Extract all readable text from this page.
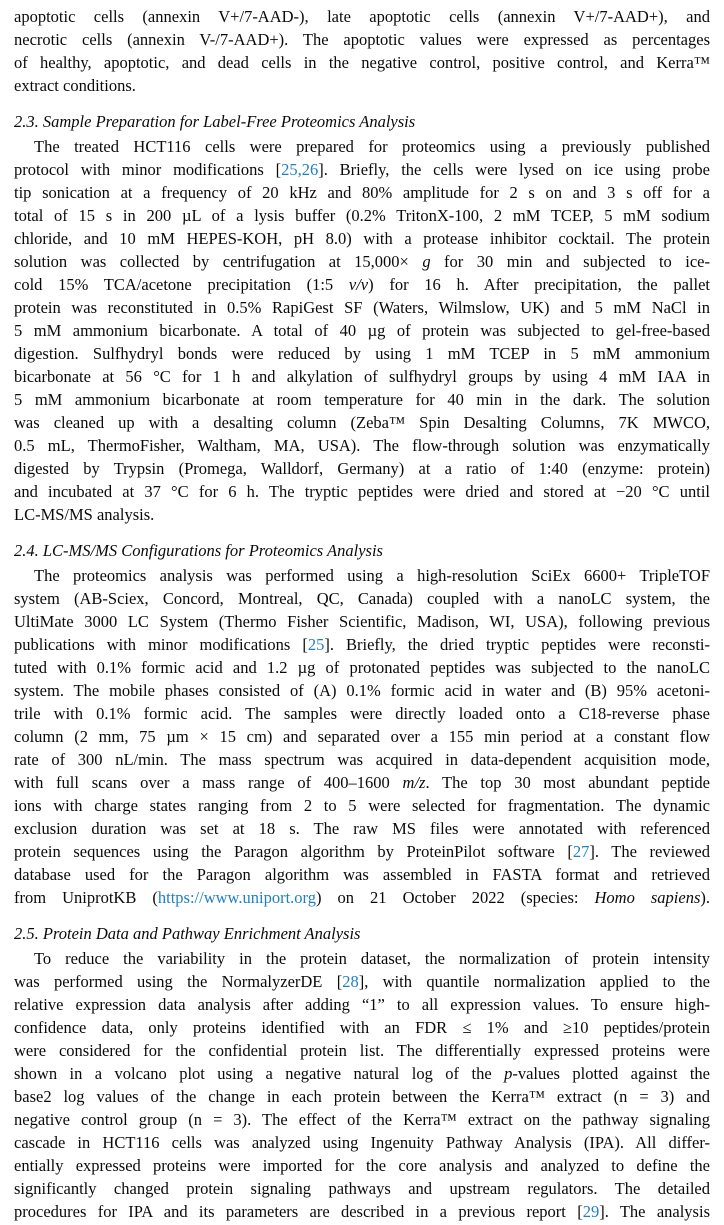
apoptotic cells (annexin V+/7-AAD-), late apoptotic cells (annexin V+/7-AAD+), and
necrotic cells (annexin V-/7-AAD+). The apoptotic values were expressed as percentages
of healthy, apoptotic, and dead cells in the negative control, positive control, and Kerra™
extract conditions.
2.3. Sample Preparation for Label-Free Proteomics Analysis
The treated HCT116 cells were prepared for proteomics using a previously published
protocol with minor modifications [25,26]. Briefly, the cells were lysed on ice using probe
tip sonication at a frequency of 20 kHz and 80% amplitude for 2 s on and 3 s off for a
total of 15 s in 200 µL of a lysis buffer (0.2% TritonX-100, 2 mM TCEP, 5 mM sodium
chloride, and 10 mM HEPES-KOH, pH 8.0) with a protease inhibitor cocktail. The protein
solution was collected by centrifugation at 15,000× g for 30 min and subjected to ice-
cold 15% TCA/acetone precipitation (1:5 v/v) for 16 h. After precipitation, the pallet
protein was reconstituted in 0.5% RapiGest SF (Waters, Wilmslow, UK) and 5 mM NaCl in
5 mM ammonium bicarbonate. A total of 40 µg of protein was subjected to gel-free-based
digestion. Sulfhydryl bonds were reduced by using 1 mM TCEP in 5 mM ammonium
bicarbonate at 56 °C for 1 h and alkylation of sulfhydryl groups by using 4 mM IAA in
5 mM ammonium bicarbonate at room temperature for 40 min in the dark. The solution
was cleaned up with a desalting column (Zeba™ Spin Desalting Columns, 7K MWCO,
0.5 mL, ThermoFisher, Waltham, MA, USA). The flow-through solution was enzymatically
digested by Trypsin (Promega, Walldorf, Germany) at a ratio of 1:40 (enzyme: protein)
and incubated at 37 °C for 6 h. The tryptic peptides were dried and stored at −20 °C until
LC-MS/MS analysis.
2.4. LC-MS/MS Configurations for Proteomics Analysis
The proteomics analysis was performed using a high-resolution SciEx 6600+ TripleTOF
system (AB-Sciex, Concord, Montreal, QC, Canada) coupled with a nanoLC system, the
UltiMate 3000 LC System (Thermo Fisher Scientific, Madison, WI, USA), following previous
publications with minor modifications [25]. Briefly, the dried tryptic peptides were reconsti-
tuted with 0.1% formic acid and 1.2 µg of protonated peptides was subjected to the nanoLC
system. The mobile phases consisted of (A) 0.1% formic acid in water and (B) 95% acetoni-
trile with 0.1% formic acid. The samples were directly loaded onto a C18-reverse phase
column (2 mm, 75 µm × 15 cm) and separated over a 155 min period at a constant flow
rate of 300 nL/min. The mass spectrum was acquired in data-dependent acquisition mode,
with full scans over a mass range of 400–1600 m/z. The top 30 most abundant peptide
ions with charge states ranging from 2 to 5 were selected for fragmentation. The dynamic
exclusion duration was set at 18 s. The raw MS files were annotated with referenced
protein sequences using the Paragon algorithm by ProteinPilot software [27]. The reviewed
database used for the Paragon algorithm was assembled in FASTA format and retrieved
from UniprotKB (https://www.uniport.org) on 21 October 2022 (species: Homo sapiens).
2.5. Protein Data and Pathway Enrichment Analysis
To reduce the variability in the protein dataset, the normalization of protein intensity
was performed using the NormalyzerDE [28], with quantile normalization applied to the
relative expression data analysis after adding “1” to all expression values. To ensure high-
confidence data, only proteins identified with an FDR ≤ 1% and ≥10 peptides/protein
were considered for the confidential protein list. The differentially expressed proteins were
shown in a volcano plot using a negative natural log of the p-values plotted against the
base2 log values of the change in each protein between the Kerra™ extract (n = 3) and
negative control group (n = 3). The effect of the Kerra™ extract on the pathway signaling
cascade in HCT116 cells was analyzed using Ingenuity Pathway Analysis (IPA). All differ-
entially expressed proteins were imported for the core analysis and analyzed to define the
significantly changed protein signaling pathways and upstream regulators. The detailed
procedures for IPA and its parameters are described in a previous report [29]. The analysis
